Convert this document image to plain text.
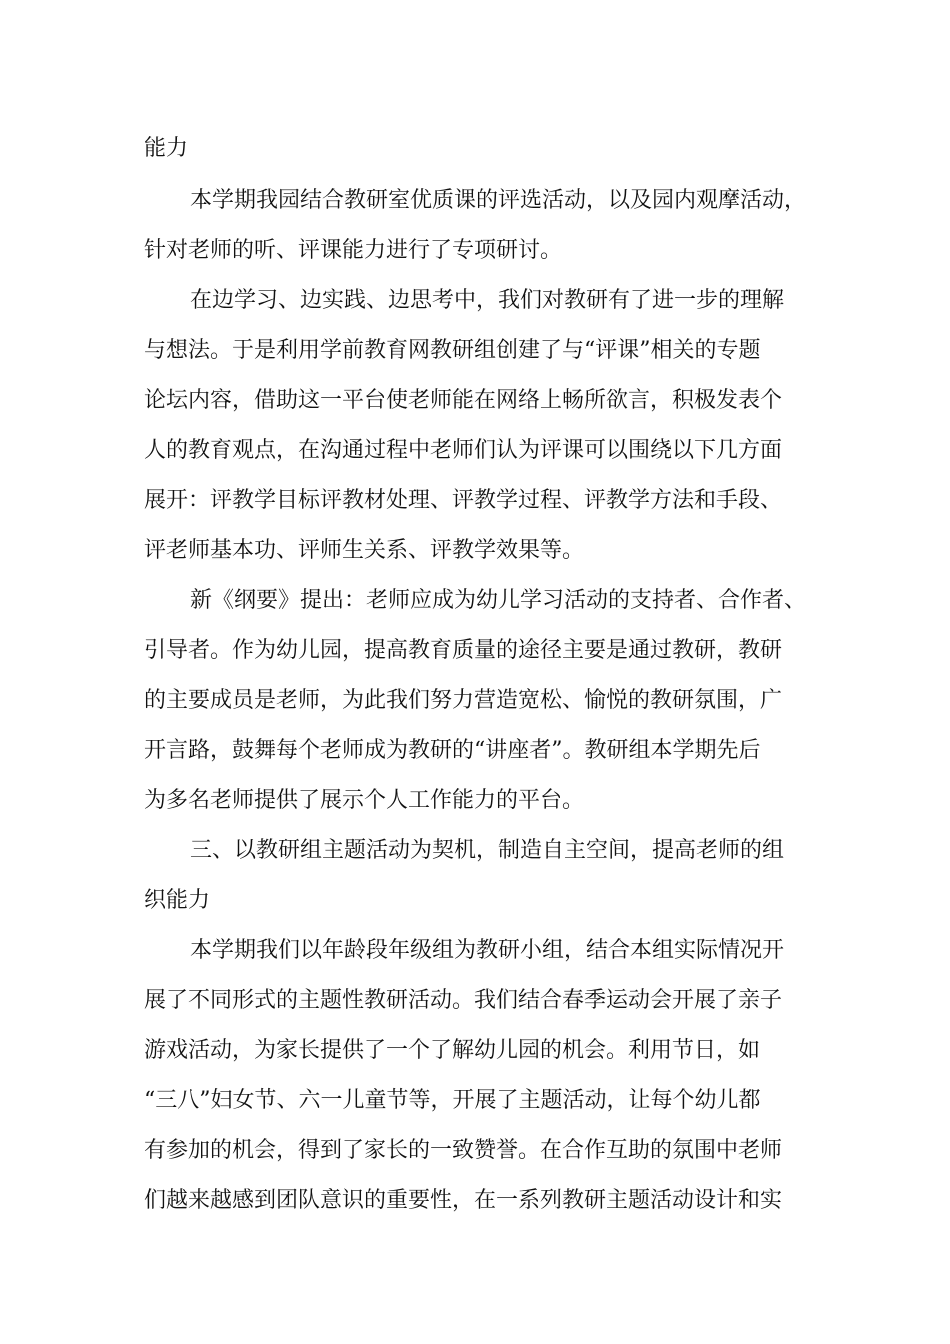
能力
本学期我园结合教研室优质课的评选活动，以及园内观摩活动，
针对老师的听、评课能力进行了专项研讨。
在边学习、边实践、边思考中，我们对教研有了进一步的理解
与想法。于是利用学前教育网教研组创建了与“评课”相关的专题
论坛内容，借助这一平台使老师能在网络上畅所欲言，积极发表个
人的教育观点，在沟通过程中老师们认为评课可以围绕以下几方面
展开：评教学目标评教材处理、评教学过程、评教学方法和手段、
评老师基本功、评师生关系、评教学效果等。
新《纲要》提出：老师应成为幼儿学习活动的支持者、合作者、
引导者。作为幼儿园，提高教育质量的途径主要是通过教研，教研
的主要成员是老师，为此我们努力营造宽松、愉悦的教研氛围，广
开言路，鼓舞每个老师成为教研的“讲座者”。教研组本学期先后
为多名老师提供了展示个人工作能力的平台。
三、以教研组主题活动为契机，制造自主空间，提高老师的组
织能力
本学期我们以年龄段年级组为教研小组，结合本组实际情况开
展了不同形式的主题性教研活动。我们结合春季运动会开展了亲子
游戏活动，为家长提供了一个了解幼儿园的机会。利用节日，如
“三八”妇女节、六一儿童节等，开展了主题活动，让每个幼儿都
有参加的机会，得到了家长的一致赞誉。在合作互助的氛围中老师
们越来越感到团队意识的重要性，在一系列教研主题活动设计和实
